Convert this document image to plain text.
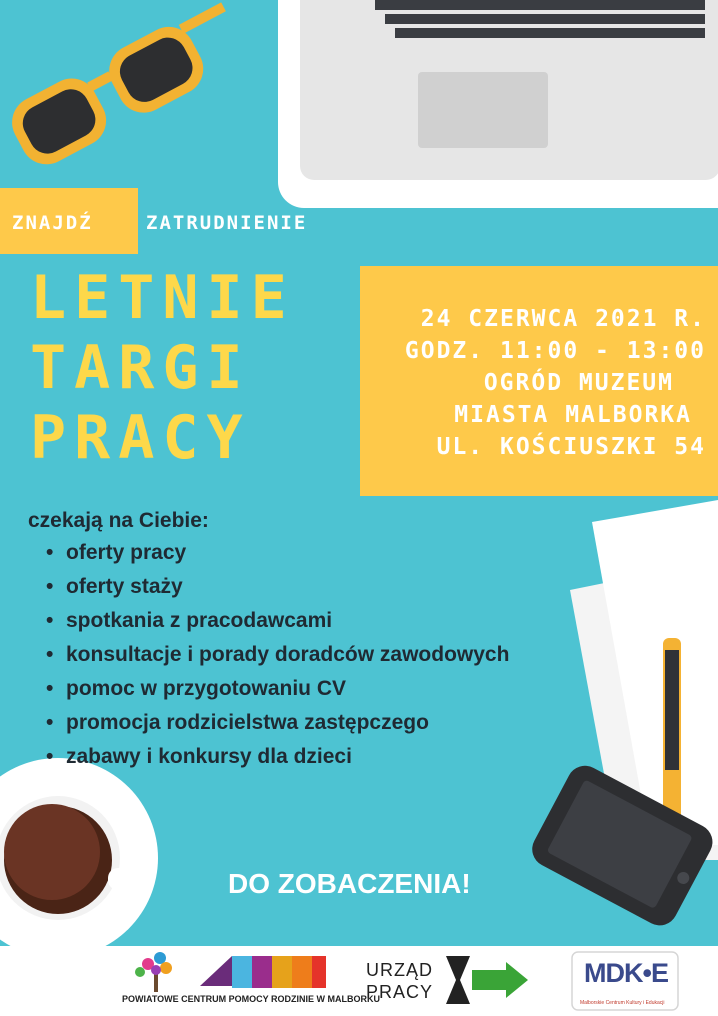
ZNAJDŹ	ZATRUDNIENIE
LETNIE
TARGI
PRACY
24 CZERWCA 2021 R.
GODZ. 11:00 - 13:00
OGRÓD MUZEUM
MIASTA MALBORKA
UL. KOŚCIUSZKI 54
czekają na Ciebie:
• oferty pracy
• oferty staży
• spotkania z pracodawcami
• konsultacje i porady doradców zawodowych
• pomoc w przygotowaniu CV
• promocja rodzicielstwa zastępczego
• zabawy i konkursy dla dzieci
DO ZOBACZENIA!
POWIATOWE CENTRUM POMOCY RODZINIE W MALBORKU
URZĄD
PRACY
MDK•E
Malborskie Centrum Kultury i Edukacji
